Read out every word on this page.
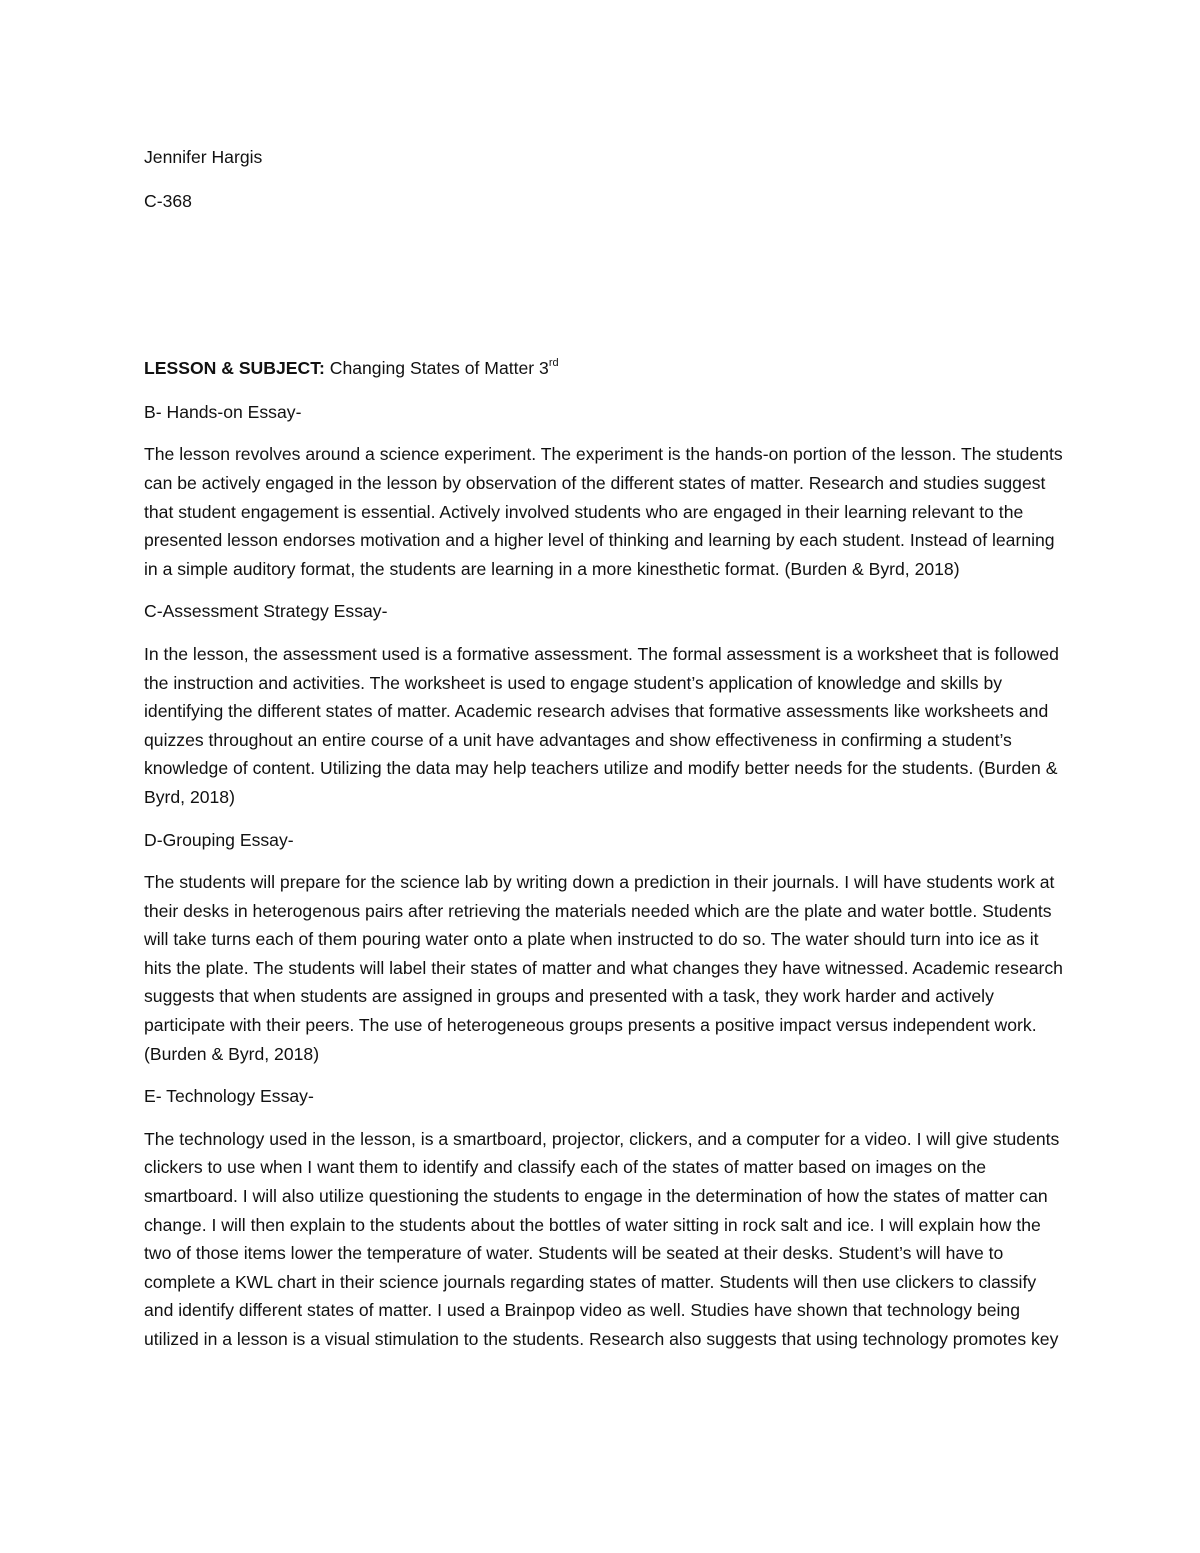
Jennifer Hargis

C-368

LESSON & SUBJECT: Changing States of Matter 3rd

B- Hands-on Essay-

The lesson revolves around a science experiment. The experiment is the hands-on portion of the lesson. The students can be actively engaged in the lesson by observation of the different states of matter. Research and studies suggest that student engagement is essential. Actively involved students who are engaged in their learning relevant to the presented lesson endorses motivation and a higher level of thinking and learning by each student. Instead of learning in a simple auditory format, the students are learning in a more kinesthetic format. (Burden & Byrd, 2018)

C-Assessment Strategy Essay-

In the lesson, the assessment used is a formative assessment. The formal assessment is a worksheet that is followed the instruction and activities. The worksheet is used to engage student’s application of knowledge and skills by identifying the different states of matter. Academic research advises that formative assessments like worksheets and quizzes throughout an entire course of a unit have advantages and show effectiveness in confirming a student’s knowledge of content. Utilizing the data may help teachers utilize and modify better needs for the students. (Burden & Byrd, 2018)

D-Grouping Essay-

The students will prepare for the science lab by writing down a prediction in their journals. I will have students work at their desks in heterogenous pairs after retrieving the materials needed which are the plate and water bottle. Students will take turns each of them pouring water onto a plate when instructed to do so. The water should turn into ice as it hits the plate. The students will label their states of matter and what changes they have witnessed. Academic research suggests that when students are assigned in groups and presented with a task, they work harder and actively participate with their peers. The use of heterogeneous groups presents a positive impact versus independent work. (Burden & Byrd, 2018)

E- Technology Essay-

The technology used in the lesson, is a smartboard, projector, clickers, and a computer for a video. I will give students clickers to use when I want them to identify and classify each of the states of matter based on images on the smartboard. I will also utilize questioning the students to engage in the determination of how the states of matter can change. I will then explain to the students about the bottles of water sitting in rock salt and ice. I will explain how the two of those items lower the temperature of water. Students will be seated at their desks. Student’s will have to complete a KWL chart in their science journals regarding states of matter. Students will then use clickers to classify and identify different states of matter. I used a Brainpop video as well. Studies have shown that technology being utilized in a lesson is a visual stimulation to the students. Research also suggests that using technology promotes key
